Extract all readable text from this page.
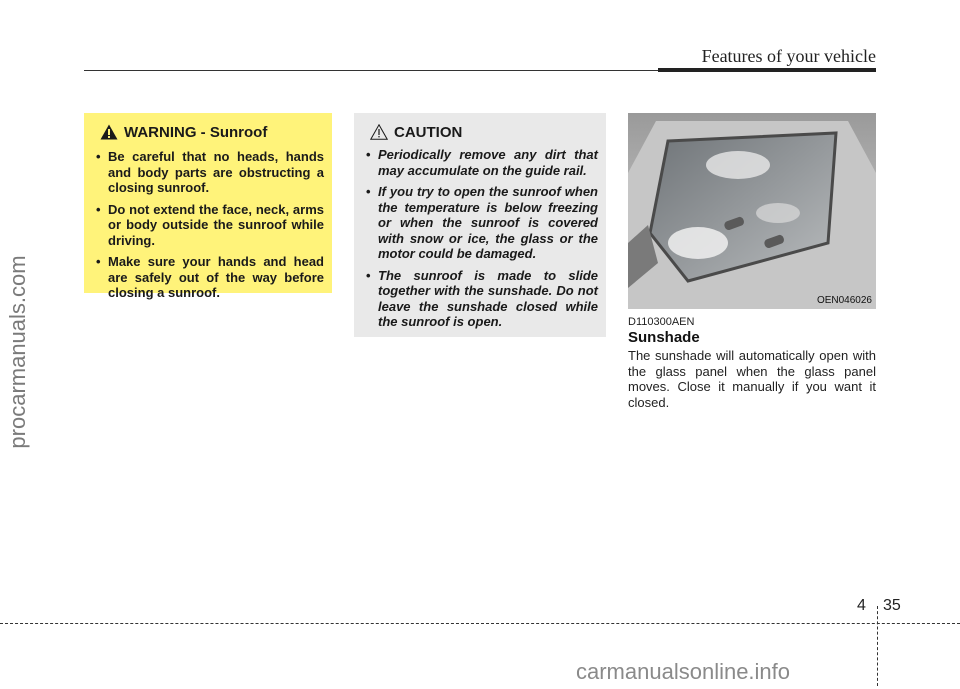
Features of your vehicle
procarmanuals.com
WARNING - Sunroof
• Be careful that no heads, hands and body parts are obstructing a closing sunroof.
• Do not extend the face, neck, arms or body outside the sunroof while driving.
• Make sure your hands and head are safely out of the way before closing a sunroof.
CAUTION
• Periodically remove any dirt that may accumulate on the guide rail.
• If you try to open the sunroof when the temperature is below freezing or when the sunroof is covered with snow or ice, the glass or the motor could be damaged.
• The sunroof is made to slide together with the sunshade. Do not leave the sunshade closed while the sunroof is open.
OEN046026
D110300AEN
Sunshade
The sunshade will automatically open with the glass panel when the glass panel moves. Close it manually if you want it closed.
4 35
carmanualsonline.info
